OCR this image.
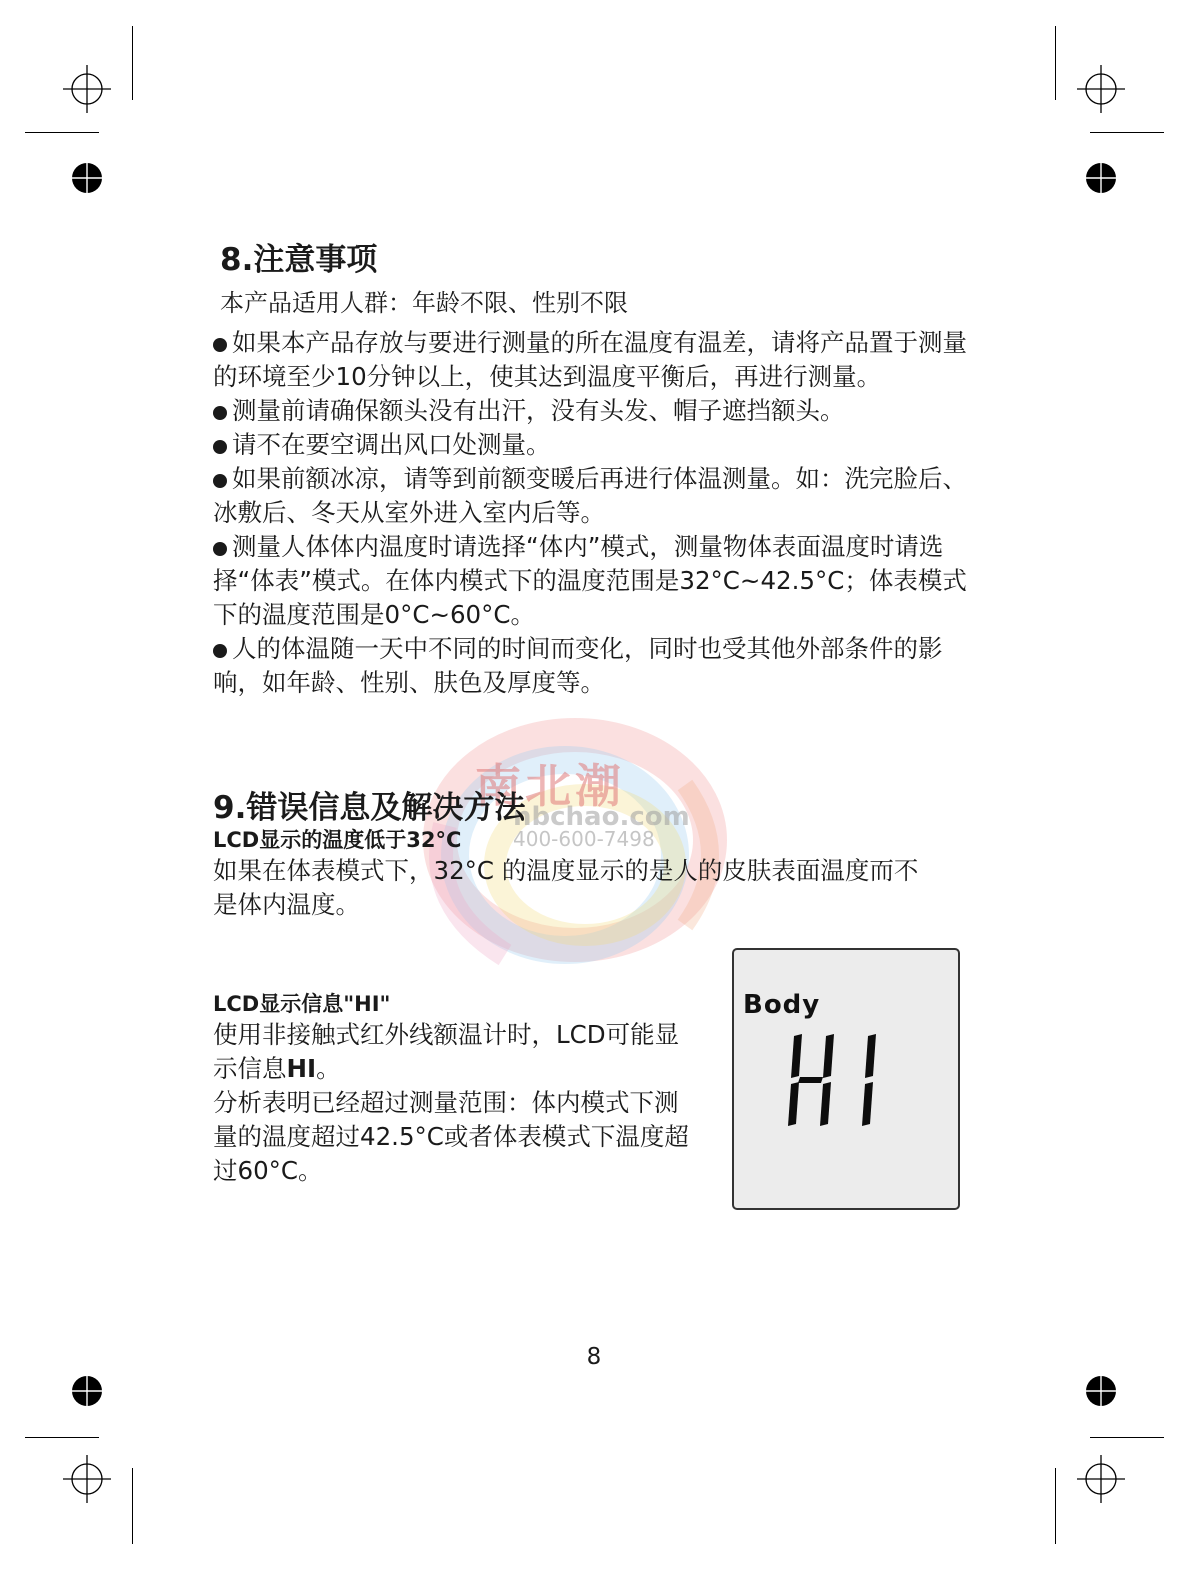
南北潮
nbchao.com
400-600-7498
8.注意事项
本产品适用人群：年龄不限、性别不限
如果本产品存放与要进行测量的所在温度有温差，请将产品置于测量的环境至少10分钟以上，使其达到温度平衡后，再进行测量。
测量前请确保额头没有出汗，没有头发、帽子遮挡额头。
请不在要空调出风口处测量。
如果前额冰凉，请等到前额变暖后再进行体温测量。如：洗完脸后、冰敷后、冬天从室外进入室内后等。
测量人体体内温度时请选择“体内”模式，测量物体表面温度时请选择“体表”模式。在体内模式下的温度范围是32°C~42.5°C；体表模式下的温度范围是0°C~60°C。
人的体温随一天中不同的时间而变化，同时也受其他外部条件的影响，如年龄、性别、肤色及厚度等。
9.错误信息及解决方法
LCD显示的温度低于32°C
如果在体表模式下，32°C 的温度显示的是人的皮肤表面温度而不是体内温度。
LCD显示信息"HI"
使用非接触式红外线额温计时，LCD可能显示信息HI。
分析表明已经超过测量范围：体内模式下测量的温度超过42.5°C或者体表模式下温度超过60°C。
Body
8
